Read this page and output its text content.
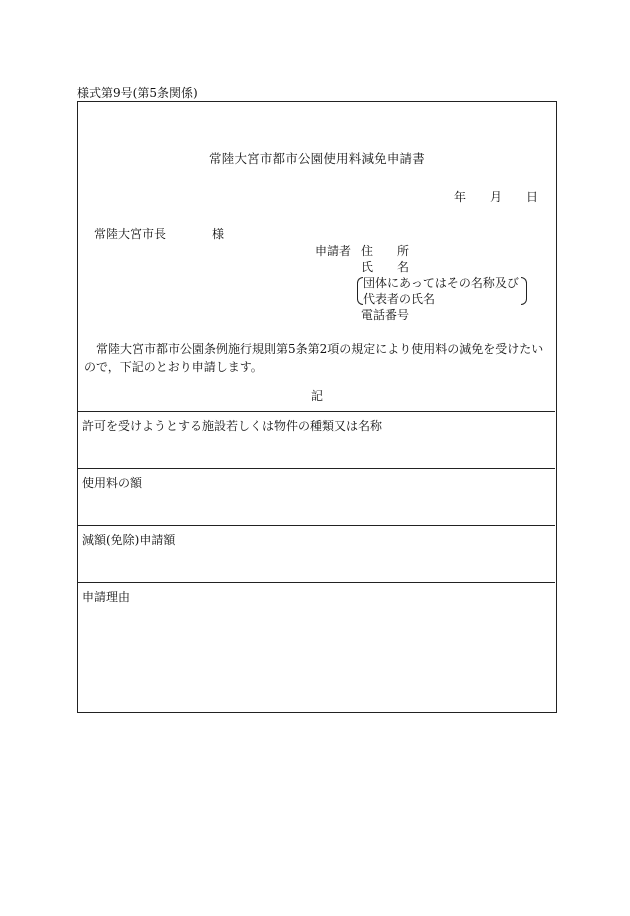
様式第9号(第5条関係)
常陸大宮市都市公園使用料減免申請書
年 月 日
常陸大宮市長	様
申請者 住　　所
氏　　名
団体にあってはその名称及び
代表者の氏名
電話番号
常陸大宮市都市公園条例施行規則第5条第2項の規定により使用料の減免を受けたいので，下記のとおり申請します。
記
許可を受けようとする施設若しくは物件の種類又は名称
使用料の額
減額(免除)申請額
申請理由
